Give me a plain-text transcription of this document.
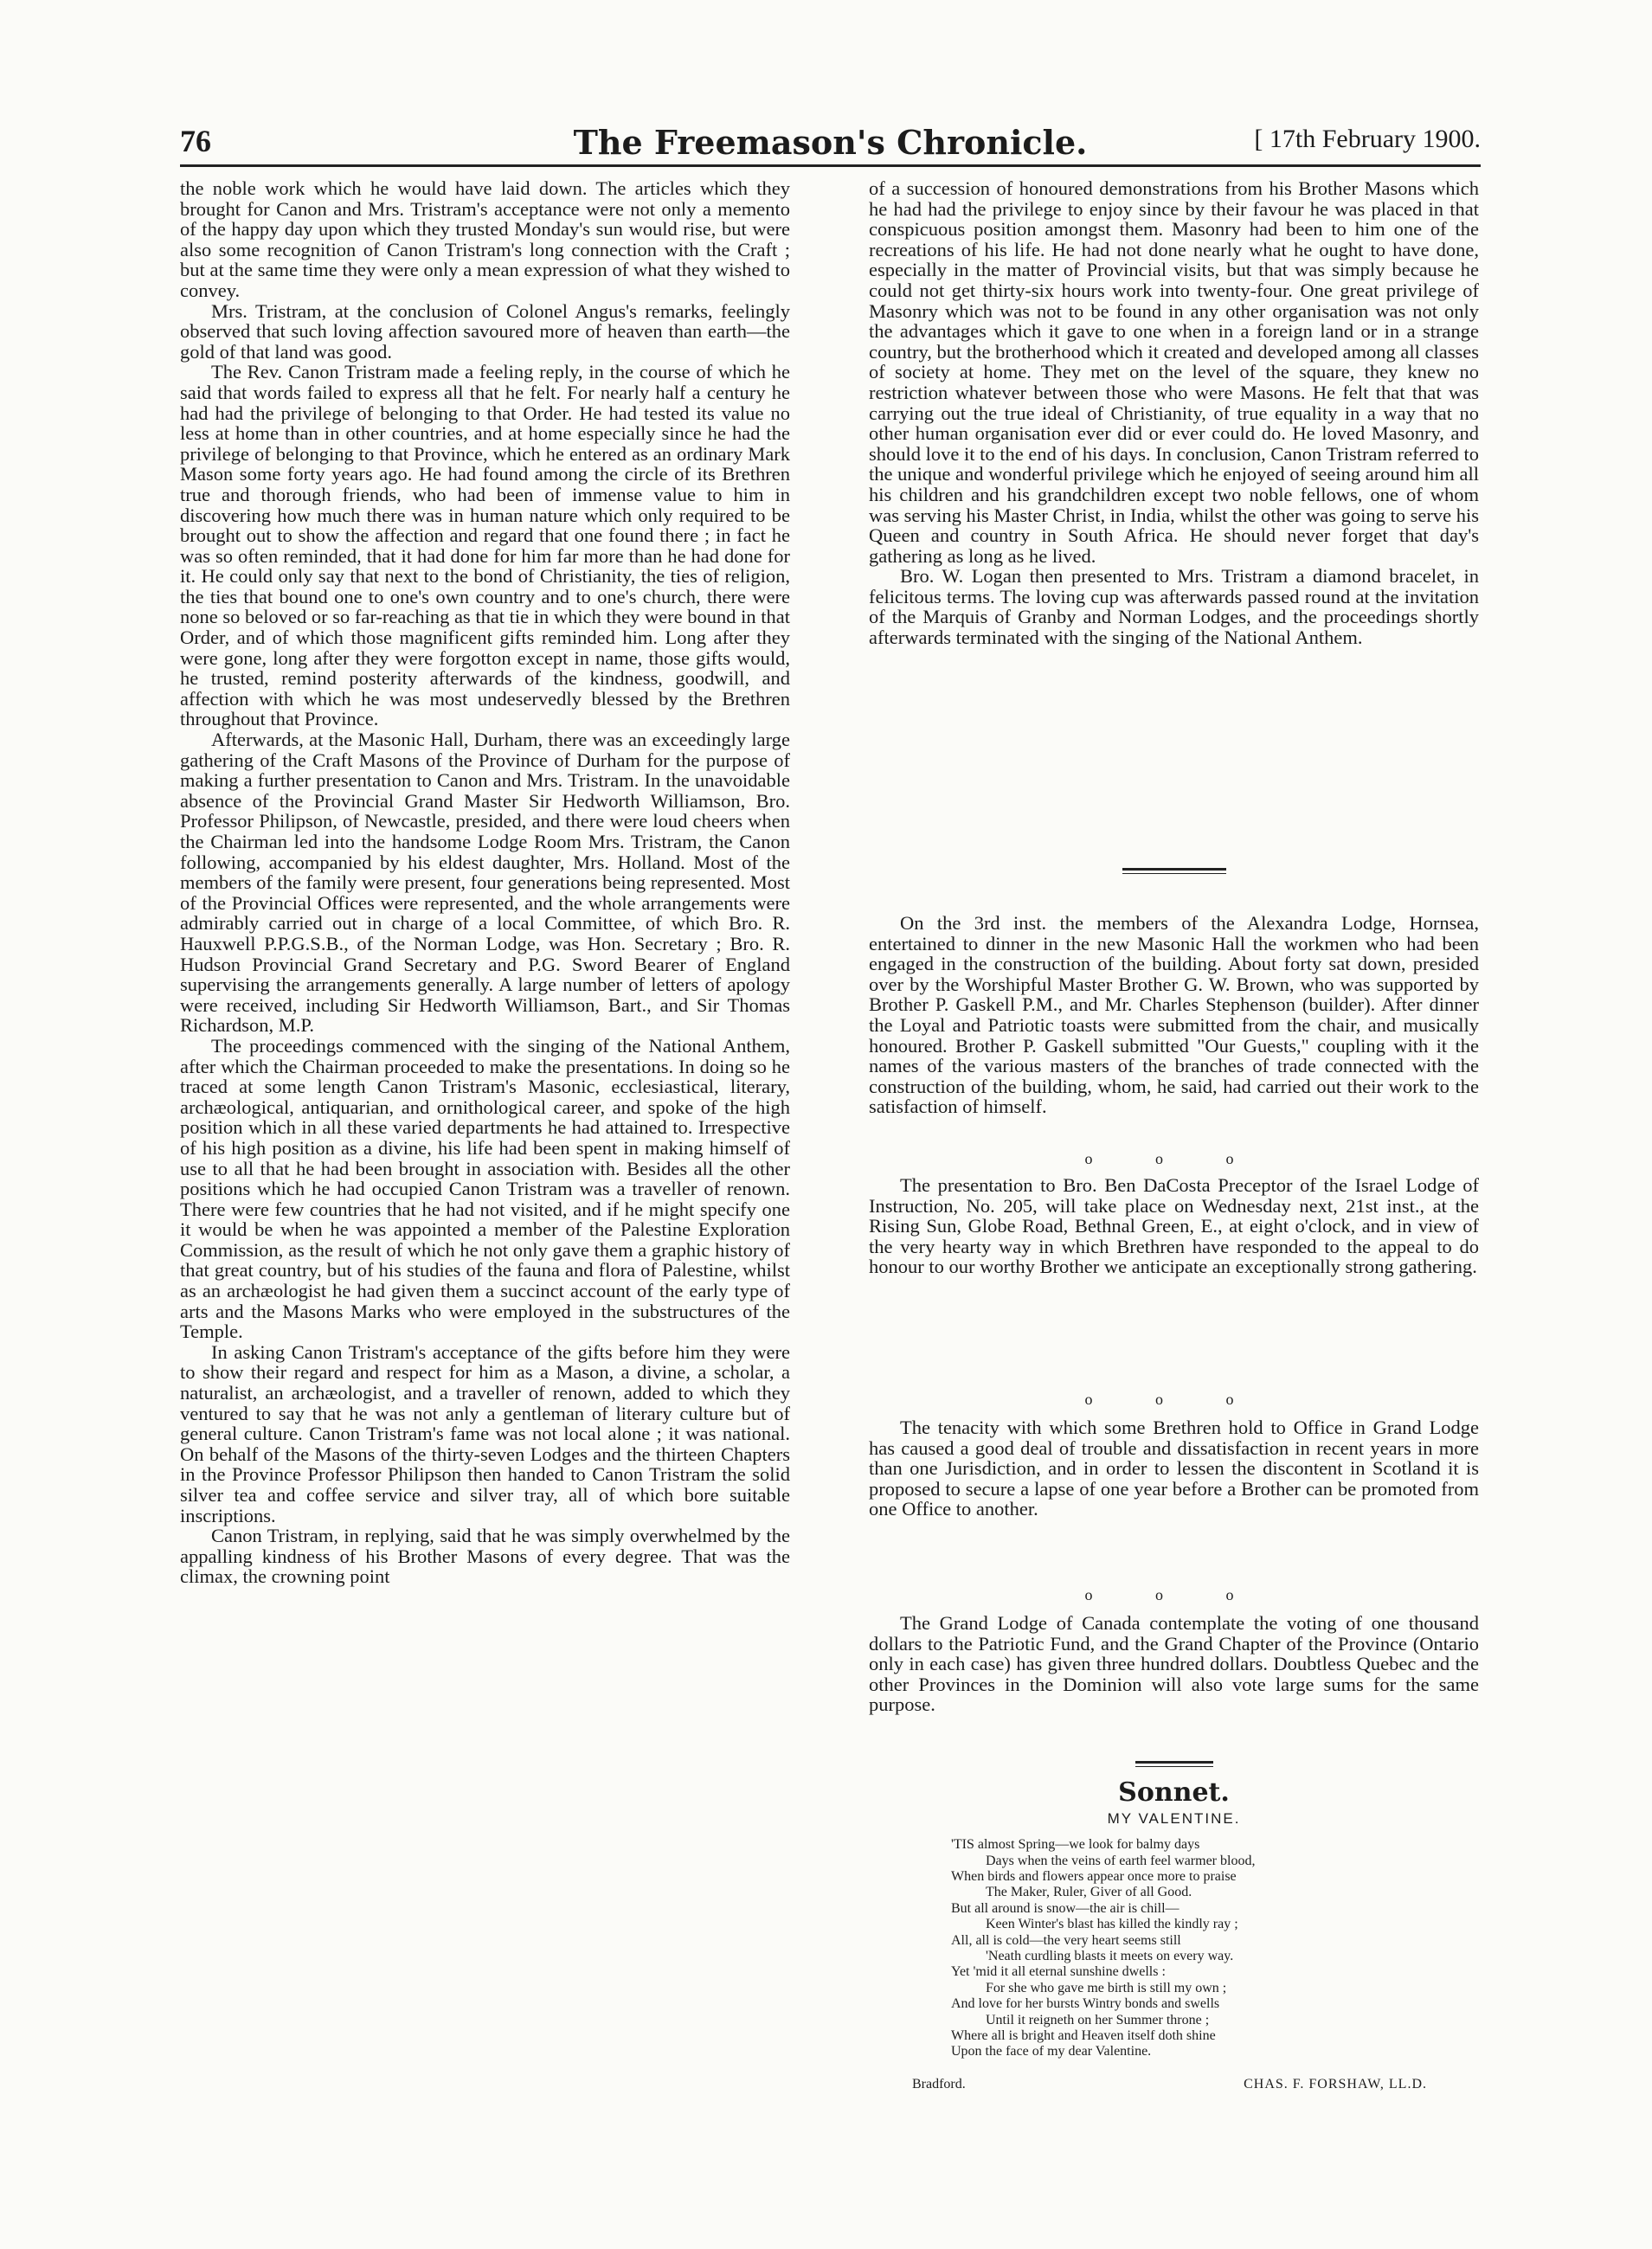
76	The Freemason's Chronicle.	[ 17th February 1900.

the noble work which he would have laid down. The articles which they brought for Canon and Mrs. Tristram's acceptance were not only a memento of the happy day upon which they trusted Monday's sun would rise, but were also some recognition of Canon Tristram's long connection with the Craft ; but at the same time they were only a mean expression of what they wished to convey.

Mrs. Tristram, at the conclusion of Colonel Angus's remarks, feelingly observed that such loving affection savoured more of heaven than earth—the gold of that land was good.

The Rev. Canon Tristram made a feeling reply, in the course of which he said that words failed to express all that he felt. For nearly half a century he had had the privilege of belonging to that Order. He had tested its value no less at home than in other countries, and at home especially since he had the privilege of belonging to that Province, which he entered as an ordinary Mark Mason some forty years ago. He had found among the circle of its Brethren true and thorough friends, who had been of immense value to him in discovering how much there was in human nature which only required to be brought out to show the affection and regard that one found there ; in fact he was so often reminded, that it had done for him far more than he had done for it. He could only say that next to the bond of Christianity, the ties of religion, the ties that bound one to one's own country and to one's church, there were none so beloved or so far-reaching as that tie in which they were bound in that Order, and of which those magnificent gifts reminded him. Long after they were gone, long after they were forgotton except in name, those gifts would, he trusted, remind posterity afterwards of the kindness, goodwill, and affection with which he was most undeservedly blessed by the Brethren throughout that Province.

Afterwards, at the Masonic Hall, Durham, there was an exceedingly large gathering of the Craft Masons of the Province of Durham for the purpose of making a further presentation to Canon and Mrs. Tristram. In the unavoidable absence of the Provincial Grand Master Sir Hedworth Williamson, Bro. Professor Philipson, of Newcastle, presided, and there were loud cheers when the Chairman led into the handsome Lodge Room Mrs. Tristram, the Canon following, accompanied by his eldest daughter, Mrs. Holland. Most of the members of the family were present, four generations being represented. Most of the Provincial Offices were represented, and the whole arrangements were admirably carried out in charge of a local Committee, of which Bro. R. Hauxwell P.P.G.S.B., of the Norman Lodge, was Hon. Secretary ; Bro. R. Hudson Provincial Grand Secretary and P.G. Sword Bearer of England supervising the arrangements generally. A large number of letters of apology were received, including Sir Hedworth Williamson, Bart., and Sir Thomas Richardson, M.P.

The proceedings commenced with the singing of the National Anthem, after which the Chairman proceeded to make the presentations. In doing so he traced at some length Canon Tristram's Masonic, ecclesiastical, literary, archæological, antiquarian, and ornithological career, and spoke of the high position which in all these varied departments he had attained to. Irrespective of his high position as a divine, his life had been spent in making himself of use to all that he had been brought in association with. Besides all the other positions which he had occupied Canon Tristram was a traveller of renown. There were few countries that he had not visited, and if he might specify one it would be when he was appointed a member of the Palestine Exploration Commission, as the result of which he not only gave them a graphic history of that great country, but of his studies of the fauna and flora of Palestine, whilst as an archæologist he had given them a succinct account of the early type of arts and the Masons Marks who were employed in the substructures of the Temple.

In asking Canon Tristram's acceptance of the gifts before him they were to show their regard and respect for him as a Mason, a divine, a scholar, a naturalist, an archæologist, and a traveller of renown, added to which they ventured to say that he was not anly a gentleman of literary culture but of general culture. Canon Tristram's fame was not local alone ; it was national. On behalf of the Masons of the thirty-seven Lodges and the thirteen Chapters in the Province Professor Philipson then handed to Canon Tristram the solid silver tea and coffee service and silver tray, all of which bore suitable inscriptions.

Canon Tristram, in replying, said that he was simply overwhelmed by the appalling kindness of his Brother Masons of every degree. That was the climax, the crowning point

of a succession of honoured demonstrations from his Brother Masons which he had had the privilege to enjoy since by their favour he was placed in that conspicuous position amongst them. Masonry had been to him one of the recreations of his life. He had not done nearly what he ought to have done, especially in the matter of Provincial visits, but that was simply because he could not get thirty-six hours work into twenty-four. One great privilege of Masonry which was not to be found in any other organisation was not only the advantages which it gave to one when in a foreign land or in a strange country, but the brotherhood which it created and developed among all classes of society at home. They met on the level of the square, they knew no restriction whatever between those who were Masons. He felt that that was carrying out the true ideal of Christianity, of true equality in a way that no other human organisation ever did or ever could do. He loved Masonry, and should love it to the end of his days. In conclusion, Canon Tristram referred to the unique and wonderful privilege which he enjoyed of seeing around him all his children and his grandchildren except two noble fellows, one of whom was serving his Master Christ, in India, whilst the other was going to serve his Queen and country in South Africa. He should never forget that day's gathering as long as he lived.

Bro. W. Logan then presented to Mrs. Tristram a diamond bracelet, in felicitous terms. The loving cup was afterwards passed round at the invitation of the Marquis of Granby and Norman Lodges, and the proceedings shortly afterwards terminated with the singing of the National Anthem.

On the 3rd inst. the members of the Alexandra Lodge, Hornsea, entertained to dinner in the new Masonic Hall the workmen who had been engaged in the construction of the building. About forty sat down, presided over by the Worshipful Master Brother G. W. Brown, who was supported by Brother P. Gaskell P.M., and Mr. Charles Stephenson (builder). After dinner the Loyal and Patriotic toasts were submitted from the chair, and musically honoured. Brother P. Gaskell submitted "Our Guests," coupling with it the names of the various masters of the branches of trade connected with the construction of the building, whom, he said, had carried out their work to the satisfaction of himself.

o o o

The presentation to Bro. Ben DaCosta Preceptor of the Israel Lodge of Instruction, No. 205, will take place on Wednesday next, 21st inst., at the Rising Sun, Globe Road, Bethnal Green, E., at eight o'clock, and in view of the very hearty way in which Brethren have responded to the appeal to do honour to our worthy Brother we anticipate an exceptionally strong gathering.

o o o

The tenacity with which some Brethren hold to Office in Grand Lodge has caused a good deal of trouble and dissatisfaction in recent years in more than one Jurisdiction, and in order to lessen the discontent in Scotland it is proposed to secure a lapse of one year before a Brother can be promoted from one Office to another.

o o o

The Grand Lodge of Canada contemplate the voting of one thousand dollars to the Patriotic Fund, and the Grand Chapter of the Province (Ontario only in each case) has given three hundred dollars. Doubtless Quebec and the other Provinces in the Dominion will also vote large sums for the same purpose.

Sonnet.
MY VALENTINE.
'TIS almost Spring—we look for balmy days
Days when the veins of earth feel warmer blood,
When birds and flowers appear once more to praise
The Maker, Ruler, Giver of all Good.
But all around is snow—the air is chill—
Keen Winter's blast has killed the kindly ray ;
All, all is cold—the very heart seems still
'Neath curdling blasts it meets on every way.
Yet 'mid it all eternal sunshine dwells :
For she who gave me birth is still my own ;
And love for her bursts Wintry bonds and swells
Until it reigneth on her Summer throne ;
Where all is bright and Heaven itself doth shine
Upon the face of my dear Valentine.
Bradford.	CHAS. F. FORSHAW, LL.D.
